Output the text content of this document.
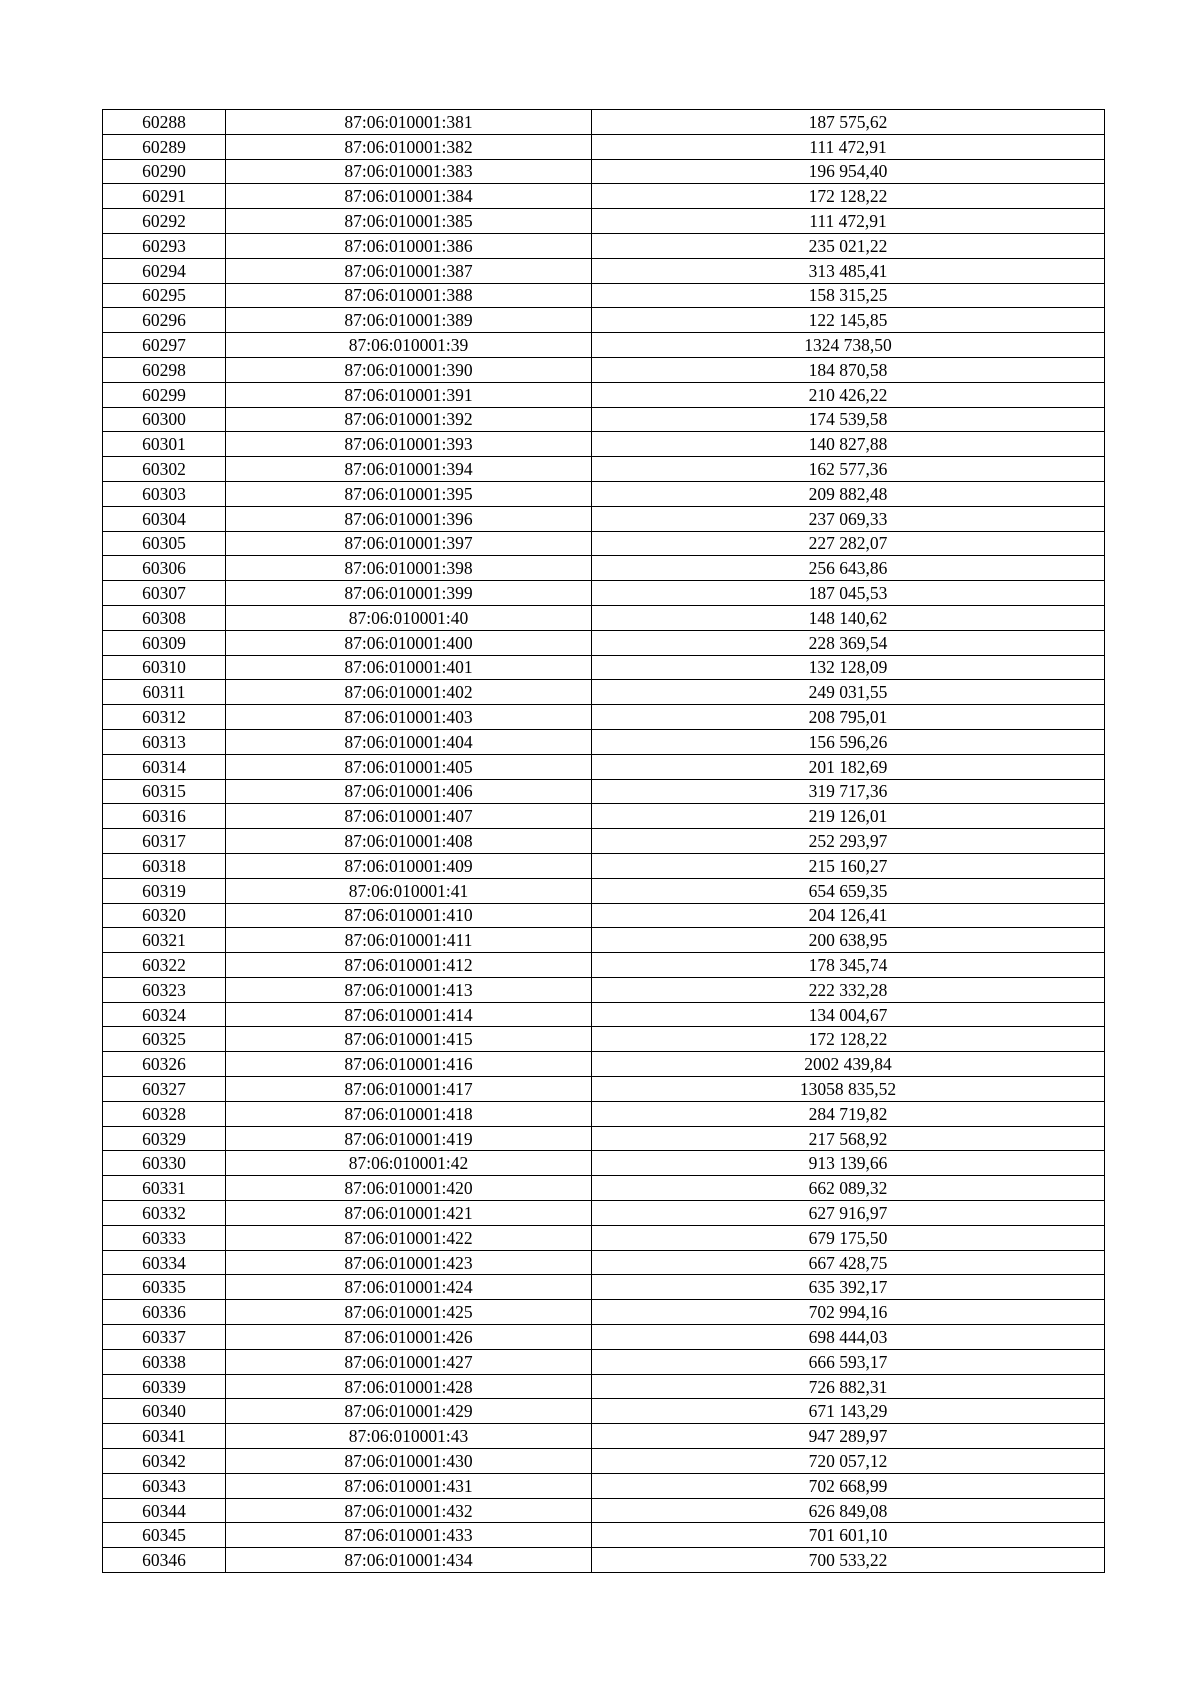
60288	87:06:010001:381	187 575,62
60289	87:06:010001:382	111 472,91
60290	87:06:010001:383	196 954,40
60291	87:06:010001:384	172 128,22
60292	87:06:010001:385	111 472,91
60293	87:06:010001:386	235 021,22
60294	87:06:010001:387	313 485,41
60295	87:06:010001:388	158 315,25
60296	87:06:010001:389	122 145,85
60297	87:06:010001:39	1324 738,50
60298	87:06:010001:390	184 870,58
60299	87:06:010001:391	210 426,22
60300	87:06:010001:392	174 539,58
60301	87:06:010001:393	140 827,88
60302	87:06:010001:394	162 577,36
60303	87:06:010001:395	209 882,48
60304	87:06:010001:396	237 069,33
60305	87:06:010001:397	227 282,07
60306	87:06:010001:398	256 643,86
60307	87:06:010001:399	187 045,53
60308	87:06:010001:40	148 140,62
60309	87:06:010001:400	228 369,54
60310	87:06:010001:401	132 128,09
60311	87:06:010001:402	249 031,55
60312	87:06:010001:403	208 795,01
60313	87:06:010001:404	156 596,26
60314	87:06:010001:405	201 182,69
60315	87:06:010001:406	319 717,36
60316	87:06:010001:407	219 126,01
60317	87:06:010001:408	252 293,97
60318	87:06:010001:409	215 160,27
60319	87:06:010001:41	654 659,35
60320	87:06:010001:410	204 126,41
60321	87:06:010001:411	200 638,95
60322	87:06:010001:412	178 345,74
60323	87:06:010001:413	222 332,28
60324	87:06:010001:414	134 004,67
60325	87:06:010001:415	172 128,22
60326	87:06:010001:416	2002 439,84
60327	87:06:010001:417	13058 835,52
60328	87:06:010001:418	284 719,82
60329	87:06:010001:419	217 568,92
60330	87:06:010001:42	913 139,66
60331	87:06:010001:420	662 089,32
60332	87:06:010001:421	627 916,97
60333	87:06:010001:422	679 175,50
60334	87:06:010001:423	667 428,75
60335	87:06:010001:424	635 392,17
60336	87:06:010001:425	702 994,16
60337	87:06:010001:426	698 444,03
60338	87:06:010001:427	666 593,17
60339	87:06:010001:428	726 882,31
60340	87:06:010001:429	671 143,29
60341	87:06:010001:43	947 289,97
60342	87:06:010001:430	720 057,12
60343	87:06:010001:431	702 668,99
60344	87:06:010001:432	626 849,08
60345	87:06:010001:433	701 601,10
60346	87:06:010001:434	700 533,22
